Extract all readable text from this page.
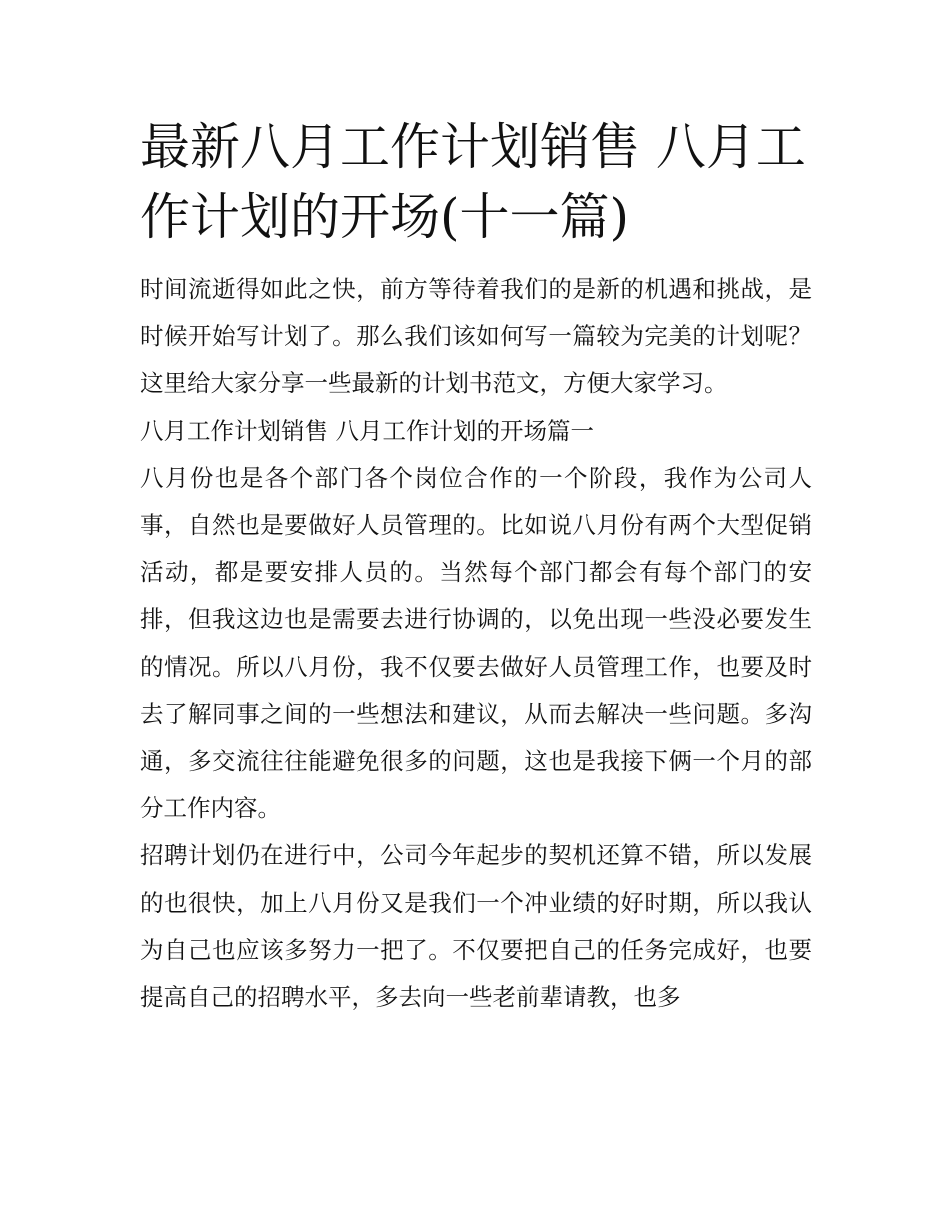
最新八月工作计划销售 八月工作计划的开场(十一篇)

时间流逝得如此之快，前方等待着我们的是新的机遇和挑战，是时候开始写计划了。那么我们该如何写一篇较为完美的计划呢？这里给大家分享一些最新的计划书范文，方便大家学习。

八月工作计划销售 八月工作计划的开场篇一

八月份也是各个部门各个岗位合作的一个阶段，我作为公司人事，自然也是要做好人员管理的。比如说八月份有两个大型促销活动，都是要安排人员的。当然每个部门都会有每个部门的安排，但我这边也是需要去进行协调的，以免出现一些没必要发生的情况。所以八月份，我不仅要去做好人员管理工作，也要及时去了解同事之间的一些想法和建议，从而去解决一些问题。多沟通，多交流往往能避免很多的问题，这也是我接下俩一个月的部分工作内容。

招聘计划仍在进行中，公司今年起步的契机还算不错，所以发展的也很快，加上八月份又是我们一个冲业绩的好时期，所以我认为自己也应该多努力一把了。不仅要把自己的任务完成好，也要提高自己的招聘水平，多去向一些老前辈请教，也多
